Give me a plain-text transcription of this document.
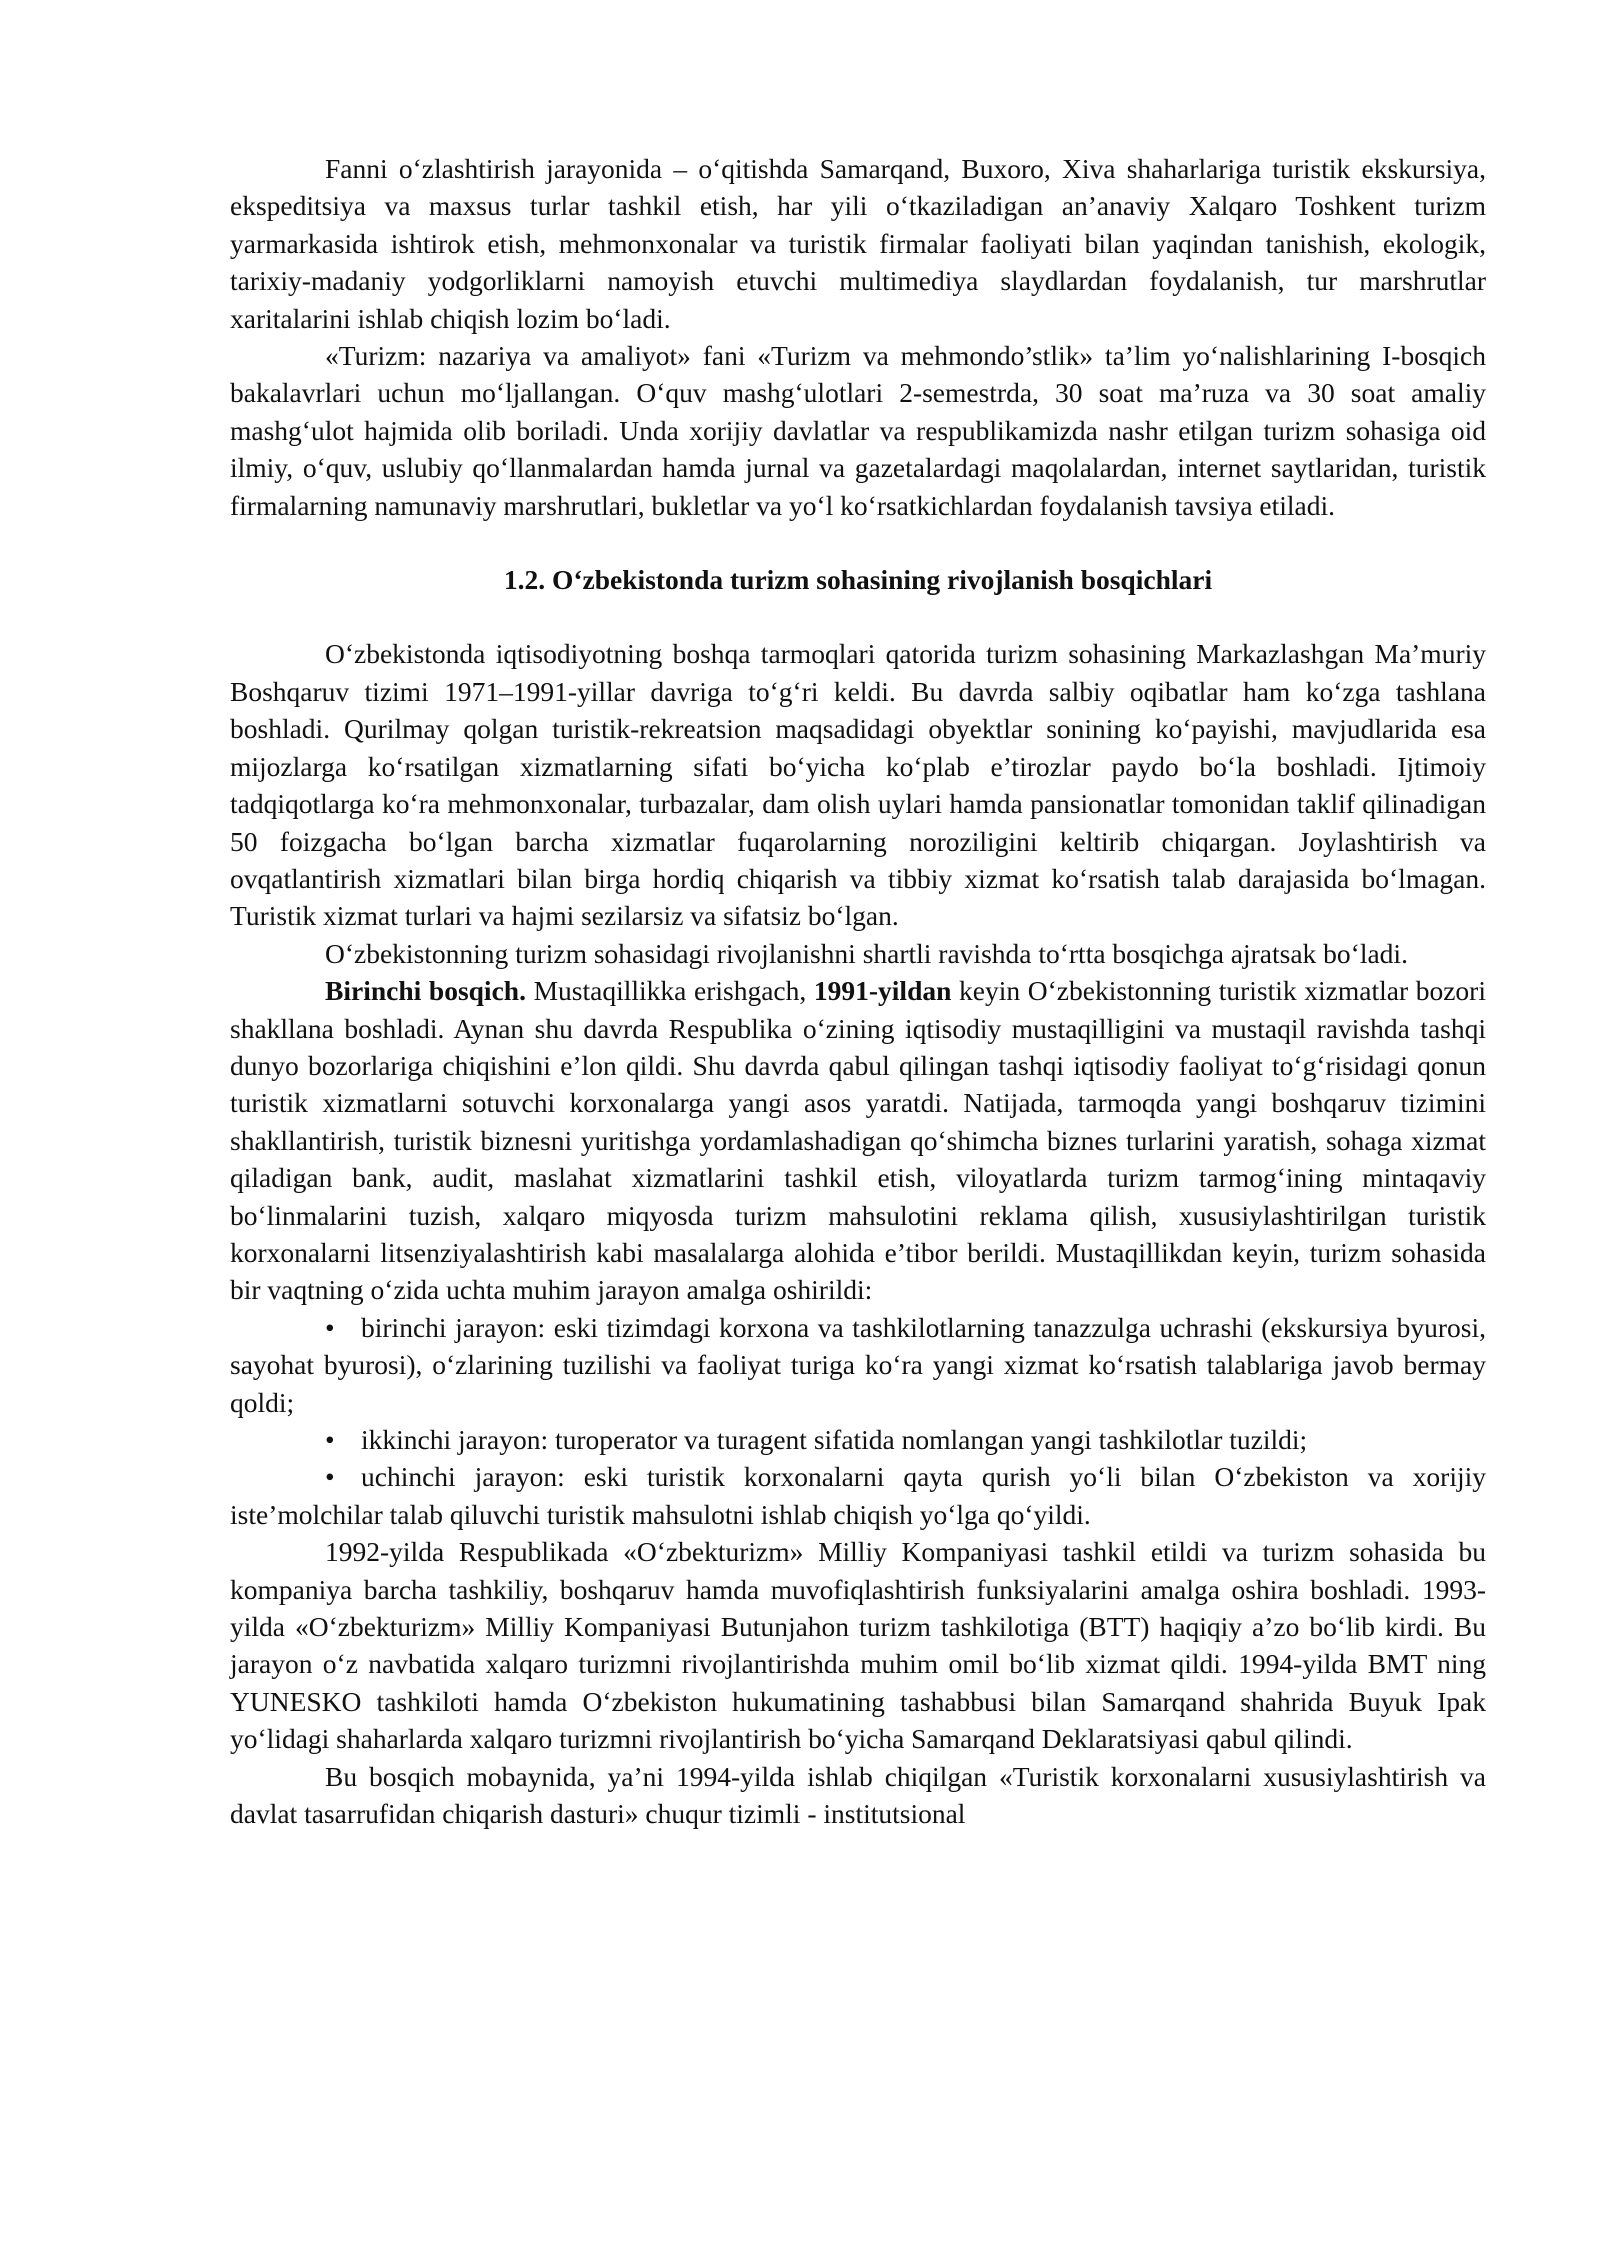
Fanni o‘zlashtirish jarayonida – o‘qitishda Samarqand, Buxoro, Xiva shaharlariga turistik ekskursiya, ekspeditsiya va maxsus turlar tashkil etish, har yili o‘tkaziladigan an’anaviy Xalqaro Toshkent turizm yarmarkasida ishtirok etish, mehmonxonalar va turistik firmalar faoliyati bilan yaqindan tanishish, ekologik, tarixiy-madaniy yodgorliklarni namoyish etuvchi multimediya slaydlardan foydalanish, tur marshrutlar xaritalarini ishlab chiqish lozim bo‘ladi.

«Turizm: nazariya va amaliyot» fani «Turizm va mehmondo’stlik» ta’lim yo‘nalishlarining I-bosqich bakalavrlari uchun mo‘ljallangan. O‘quv mashg‘ulotlari 2-semestrda, 30 soat ma’ruza va 30 soat amaliy mashg‘ulot hajmida olib boriladi. Unda xorijiy davlatlar va respublikamizda nashr etilgan turizm sohasiga oid ilmiy, o‘quv, uslubiy qo‘llanmalardan hamda jurnal va gazetalardagi maqolalardan, internet saytlaridan, turistik firmalarning namunaviy marshrutlari, bukletlar va yo‘l ko‘rsatkichlardan foydalanish tavsiya etiladi.

1.2. O‘zbekistonda turizm sohasining rivojlanish bosqichlari

O‘zbekistonda iqtisodiyotning boshqa tarmoqlari qatorida turizm sohasining Markazlashgan Ma’muriy Boshqaruv tizimi 1971–1991-yillar davriga to‘g‘ri keldi. Bu davrda salbiy oqibatlar ham ko‘zga tashlana boshladi. Qurilmay qolgan turistik-rekreatsion maqsadidagi obyektlar sonining ko‘payishi, mavjudlarida esa mijozlarga ko‘rsatilgan xizmatlarning sifati bo‘yicha ko‘plab e’tirozlar paydo bo‘la boshladi. Ijtimoiy tadqiqotlarga ko‘ra mehmonxonalar, turbazalar, dam olish uylari hamda pansionatlar tomonidan taklif qilinadigan 50 foizgacha bo‘lgan barcha xizmatlar fuqarolarning noroziligini keltirib chiqargan. Joylashtirish va ovqatlantirish xizmatlari bilan birga hordiq chiqarish va tibbiy xizmat ko‘rsatish talab darajasida bo‘lmagan. Turistik xizmat turlari va hajmi sezilarsiz va sifatsiz bo‘lgan.

O‘zbekistonning turizm sohasidagi rivojlanishni shartli ravishda to‘rtta bosqichga ajratsak bo‘ladi.

Birinchi bosqich. Mustaqillikka erishgach, 1991-yildan keyin O‘zbekistonning turistik xizmatlar bozori shakllana boshladi. Aynan shu davrda Respublika o‘zining iqtisodiy mustaqilligini va mustaqil ravishda tashqi dunyo bozorlariga chiqishini e’lon qildi. Shu davrda qabul qilingan tashqi iqtisodiy faoliyat to‘g‘risidagi qonun turistik xizmatlarni sotuvchi korxonalarga yangi asos yaratdi. Natijada, tarmoqda yangi boshqaruv tizimini shakllantirish, turistik biznesni yuritishga yordamlashadigan qo‘shimcha biznes turlarini yaratish, sohaga xizmat qiladigan bank, audit, maslahat xizmatlarini tashkil etish, viloyatlarda turizm tarmog‘ining mintaqaviy bo‘linmalarini tuzish, xalqaro miqyosda turizm mahsulotini reklama qilish, xususiylashtirilgan turistik korxonalarni litsenziyalashtirish kabi masalalarga alohida e’tibor berildi. Mustaqillikdan keyin, turizm sohasida bir vaqtning o‘zida uchta muhim jarayon amalga oshirildi:

• birinchi jarayon: eski tizimdagi korxona va tashkilotlarning tanazzulga uchrashi (ekskursiya byurosi, sayohat byurosi), o‘zlarining tuzilishi va faoliyat turiga ko‘ra yangi xizmat ko‘rsatish talablariga javob bermay qoldi;

• ikkinchi jarayon: turoperator va turagent sifatida nomlangan yangi tashkilotlar tuzildi;

• uchinchi jarayon: eski turistik korxonalarni qayta qurish yo‘li bilan O‘zbekiston va xorijiy iste’molchilar talab qiluvchi turistik mahsulotni ishlab chiqish yo‘lga qo‘yildi.

1992-yilda Respublikada «O‘zbekturizm» Milliy Kompaniyasi tashkil etildi va turizm sohasida bu kompaniya barcha tashkiliy, boshqaruv hamda muvofiqlashtirish funksiyalarini amalga oshira boshladi. 1993-yilda «O‘zbekturizm» Milliy Kompaniyasi Butunjahon turizm tashkilotiga (BTT) haqiqiy a’zo bo‘lib kirdi. Bu jarayon o‘z navbatida xalqaro turizmni rivojlantirishda muhim omil bo‘lib xizmat qildi. 1994-yilda BMT ning YUNESKO tashkiloti hamda O‘zbekiston hukumatining tashabbusi bilan Samarqand shahrida Buyuk Ipak yo‘lidagi shaharlarda xalqaro turizmni rivojlantirish bo‘yicha Samarqand Deklaratsiyasi qabul qilindi.

Bu bosqich mobaynida, ya’ni 1994-yilda ishlab chiqilgan «Turistik korxonalarni xususiylashtirish va davlat tasarrufidan chiqarish dasturi» chuqur tizimli - institutsional
